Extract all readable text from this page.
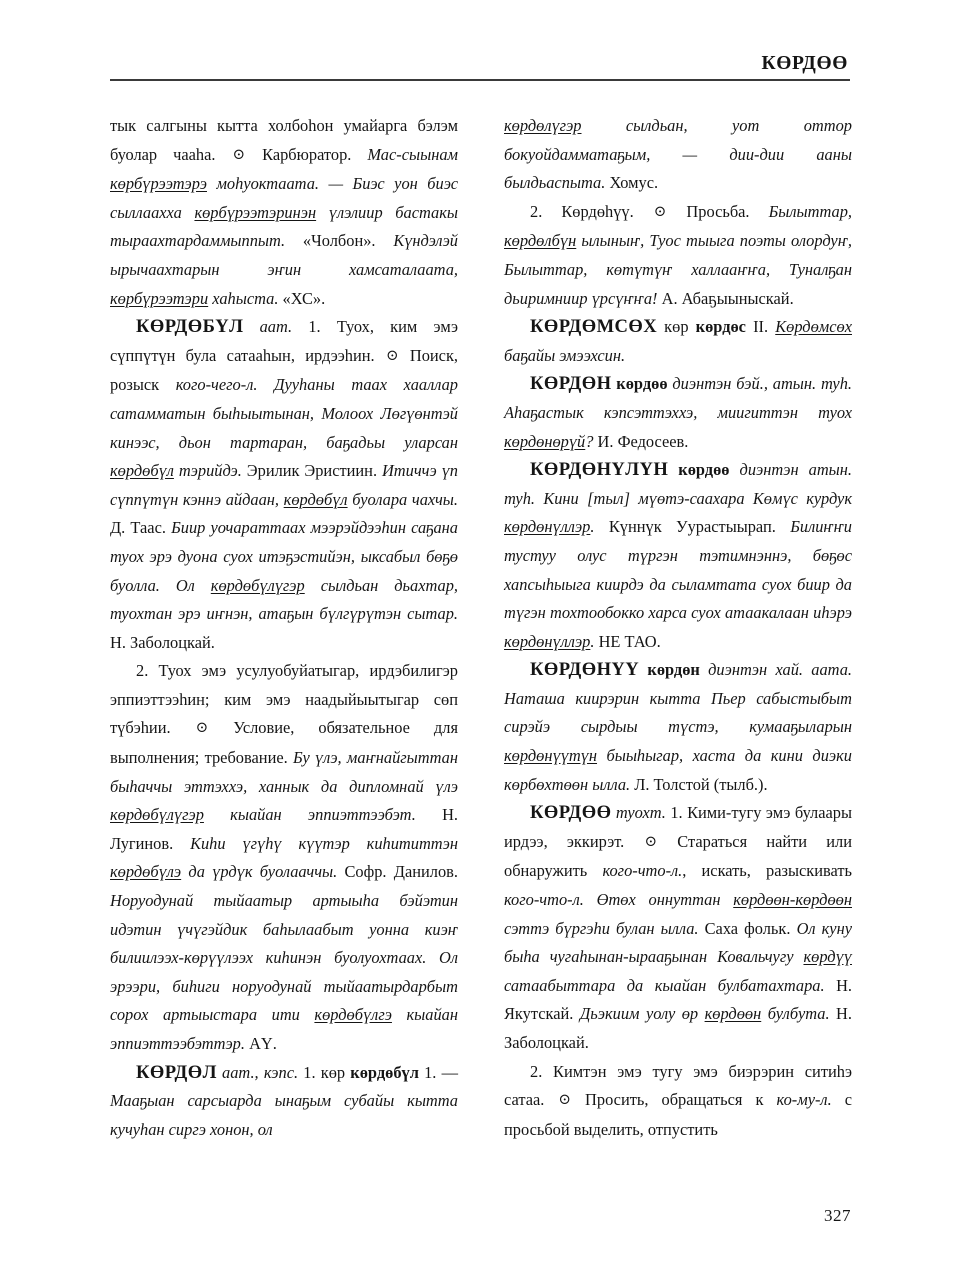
КӨРДӨӨ

тык салгыны кытта холбоһон умайарга бэлэм буолар чааһа. ⊙ Карбюратор. Мас-сыынам көрбүрээтэрэ моһуоктаата. — Биэс уон биэс сыллаахха көрбүрээтэринэн үлэлиир бастакы тыраахтардаммыппыт. «Чолбон». Күндэлэй ырычаахтарын эҥин хамсаталаата, көрбүрээтэри хаһыста. «ХС».

КӨРДӨБҮЛ аат. 1. Туох, ким эмэ сүппүтүн була сатааһын, ирдээһин. ⊙ Поиск, розыск кого-чего-л. Дууһаны таах хааллар сатамматын быһыытынан, Молоох Лөгүөнтэй кинээс, дьон тартаран, баҕадьы уларсан көрдөбүл тэрийдэ. Эрилик Эристиин. Итиччэ үп сүппүтүн кэннэ айдаан, көрдөбүл буолара чахчы. Д. Таас. Биир уочараттаах мээрэйдээһин саҕана туох эрэ дуона суох итэҕэстийэн, ыксабыл бөҕө буолла. Ол көрдөбүлүгэр сылдьан дьахтар, туохтан эрэ иҥнэн, атаҕын бүлгүрүтэн сытар. Н. Заболоцкай.

2. Туох эмэ усулуобуйатыгар, ирдэбилигэр эппиэттээһин; ким эмэ наадыйыытыгар сөп түбэһии. ⊙ Условие, обязательное для выполнения; требование. Бу үлэ, маҥнайгыттан быһаччы эттэххэ, ханнык да дипломнай үлэ көрдөбүлүгэр кыайан эппиэттээбэт. Н. Лугинов. Киһи үгүһү күүтэр киһититтэн көрдөбүлэ да үрдүк буолааччы. Софр. Данилов. Норуодунай тыйаатыр артыыһа бэйэтин идэтин үчүгэйдик баһылаабыт уонна киэҥ билиилээх-көрүүлээх киһинэн буолуохтаах. Ол эрээри, биһиги норуодунай тыйаатырдарбыт сорох артыыстара ити көрдөбүлгэ кыайан эппиэттээбэттэр. АҮ.

КӨРДӨЛ аат., кэпс. 1. көр көрдөбүл 1. — Мааҕыан сарсыарда ынаҕым субайы кытта кучуһан сиргэ хонон, ол

көрдөлүгэр сылдьан, уот оттор бокуойдамматаҕым, — дии-дии ааны былдьаспыта. Хомус.

2. Көрдөһүү. ⊙ Просьба. Былыттар, көрдөлбүн ылыныҥ, Туос тыыга поэты олордуҥ, Былыттар, көтүтүҥ халлааҥҥа, Туналҕан дьиримниир үрсүҥҥа! А. Абаҕыыныскай.

КӨРДӨМСӨХ көр көрдөс II. Көрдөмсөх баҕайы эмээхсин.

КӨРДӨН көрдөө диэнтэн бэй., атын. туһ. Аһаҕастык кэпсэттэххэ, миигиттэн туох көрдөнөрүй? И. Федосеев.

КӨРДӨНҮЛҮН көрдөө диэнтэн атын. туһ. Кини [тыл] мүөтэ-саахара Көмүс курдук көрдөнүллэр. Күннүк Уурастыырап. Билиҥҥи тустуу олус түргэн тэтимнэннэ, бөҕөс хапсыһыыга киирдэ да сыламтата суох биир да түгэн тохтообокко харса суох атаакалаан иһэрэ көрдөнүллэр. НЕ ТАО.

КӨРДӨНҮҮ көрдөн диэнтэн хай. аата. Наташа киирэрин кытта Пьер сабыстыбыт сирэйэ сырдыы түстэ, кумааҕыларын көрдөнүүтүн быыһыгар, хаста да кини диэки көрбөхтөөн ылла. Л. Толстой (тылб.).

КӨРДӨӨ туохт. 1. Кими-тугу эмэ булаары ирдээ, эккирэт. ⊙ Стараться найти или обнаружить кого-что-л., искать, разыскивать кого-что-л. Өтөх оннуттан көрдөөн-көрдөөн сэттэ бүргэһи булан ылла. Саха фольк. Ол куну быһа чугаһынан-ырааҕынан Ковальчугу көрдүү сатаабыттара да кыайан булбатахтара. Н. Якутскай. Дьэкиим уолу өр көрдөөн булбута. Н. Заболоцкай.

2. Кимтэн эмэ тугу эмэ биэрэрин ситиһэ сатаа. ⊙ Просить, обращаться к ко-му-л. с просьбой выделить, отпустить

327
